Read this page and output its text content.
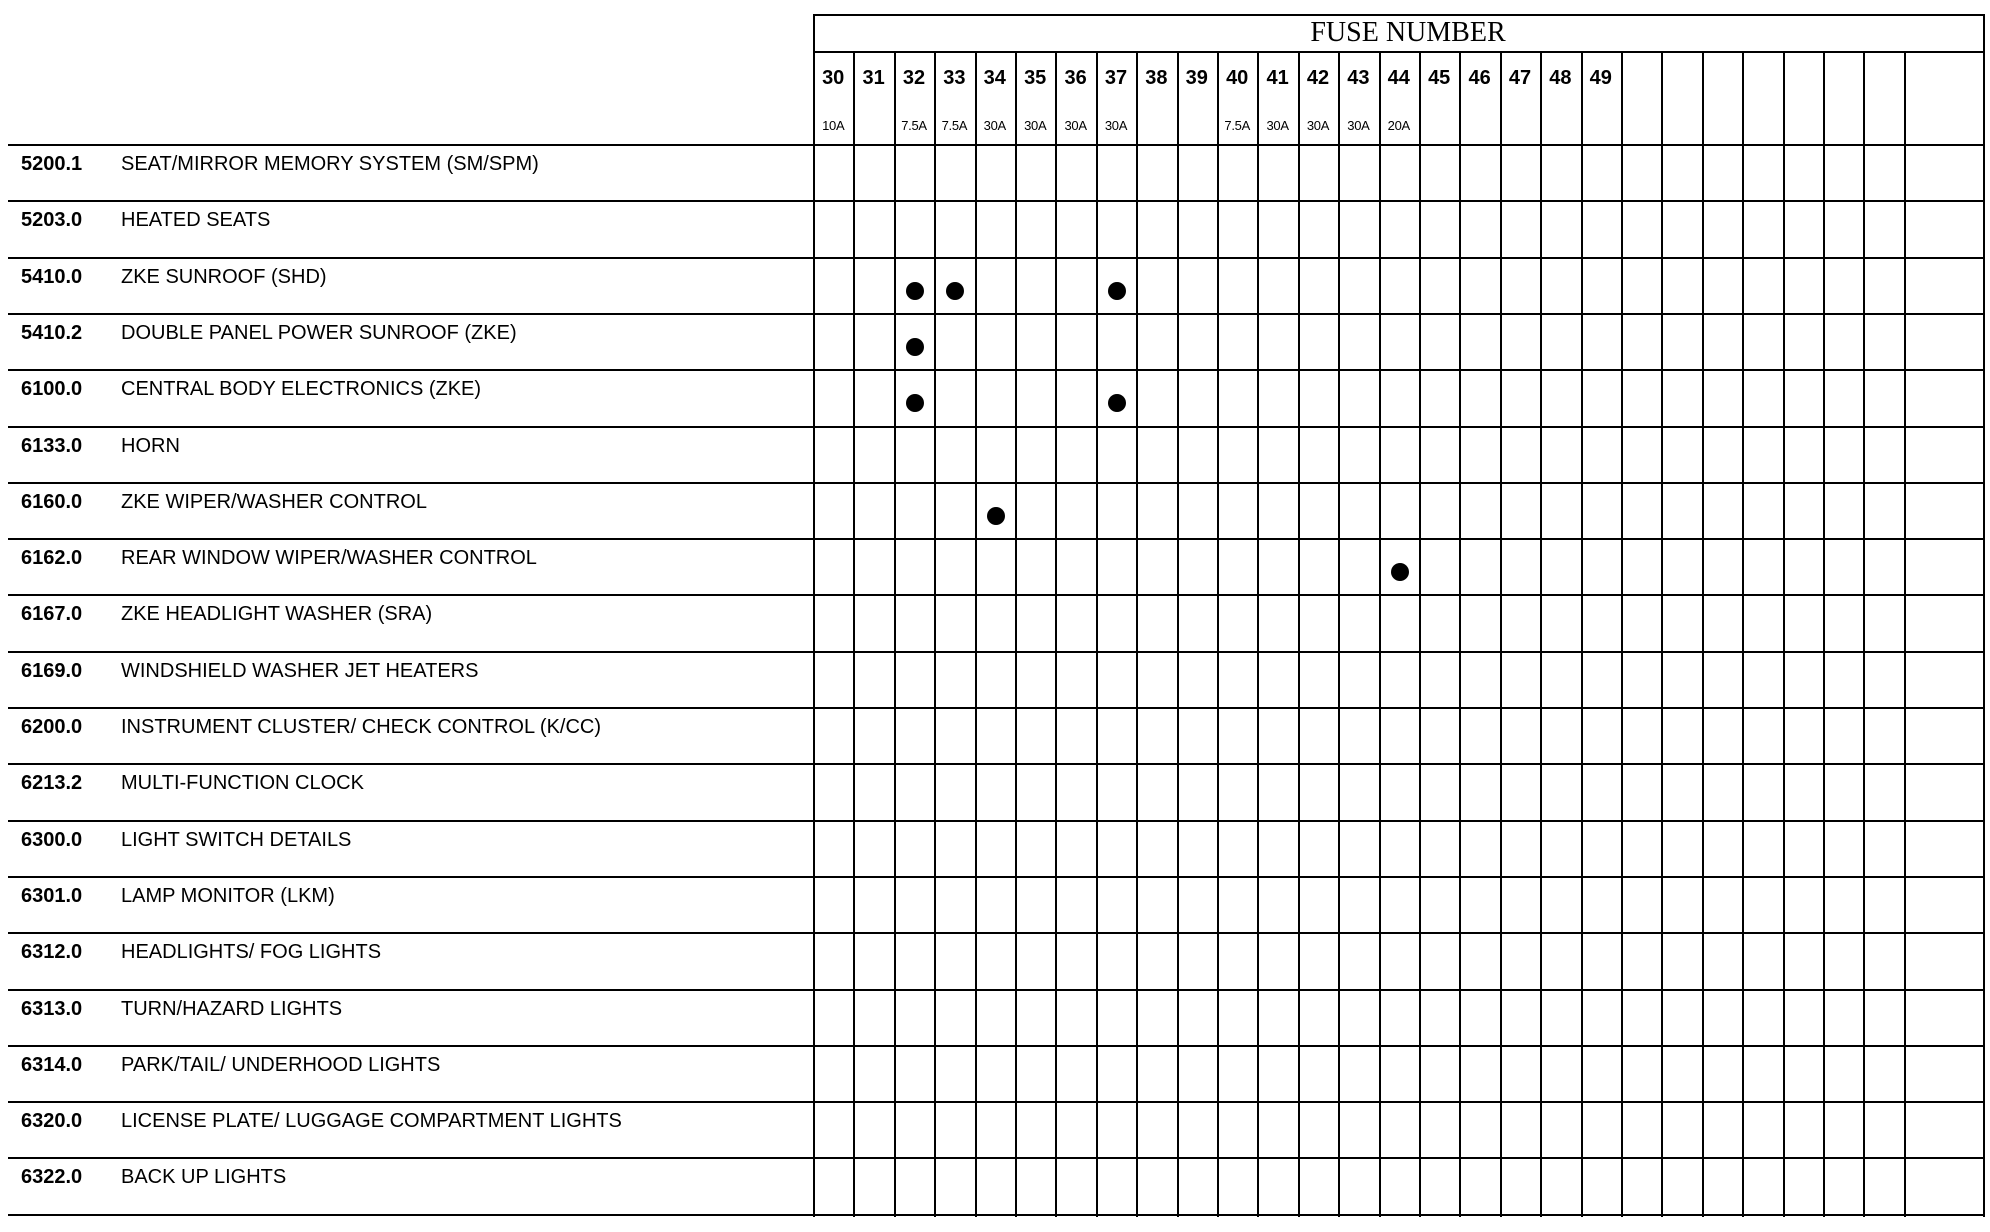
FUSE NUMBER
30
10A
31 32
7.5A
33
7.5A
34
30A
35
30A
36
30A
37
30A
38 39 40
7.5A
41
30A
42
30A
43
30A
44
20A
45 46 47 48 49
5200.1 SEAT/MIRROR MEMORY SYSTEM (SM/SPM)
5203.0 HEATED SEATS
5410.0 ZKE SUNROOF (SHD)
5410.2 DOUBLE PANEL POWER SUNROOF (ZKE)
6100.0 CENTRAL BODY ELECTRONICS (ZKE)
6133.0 HORN
6160.0 ZKE WIPER/WASHER CONTROL
6162.0 REAR WINDOW WIPER/WASHER CONTROL
6167.0 ZKE HEADLIGHT WASHER (SRA)
6169.0 WINDSHIELD WASHER JET HEATERS
6200.0 INSTRUMENT CLUSTER/ CHECK CONTROL (K/CC)
6213.2 MULTI-FUNCTION CLOCK
6300.0 LIGHT SWITCH DETAILS
6301.0 LAMP MONITOR (LKM)
6312.0 HEADLIGHTS/ FOG LIGHTS
6313.0 TURN/HAZARD LIGHTS
6314.0 PARK/TAIL/ UNDERHOOD LIGHTS
6320.0 LICENSE PLATE/ LUGGAGE COMPARTMENT LIGHTS
6322.0 BACK UP LIGHTS
